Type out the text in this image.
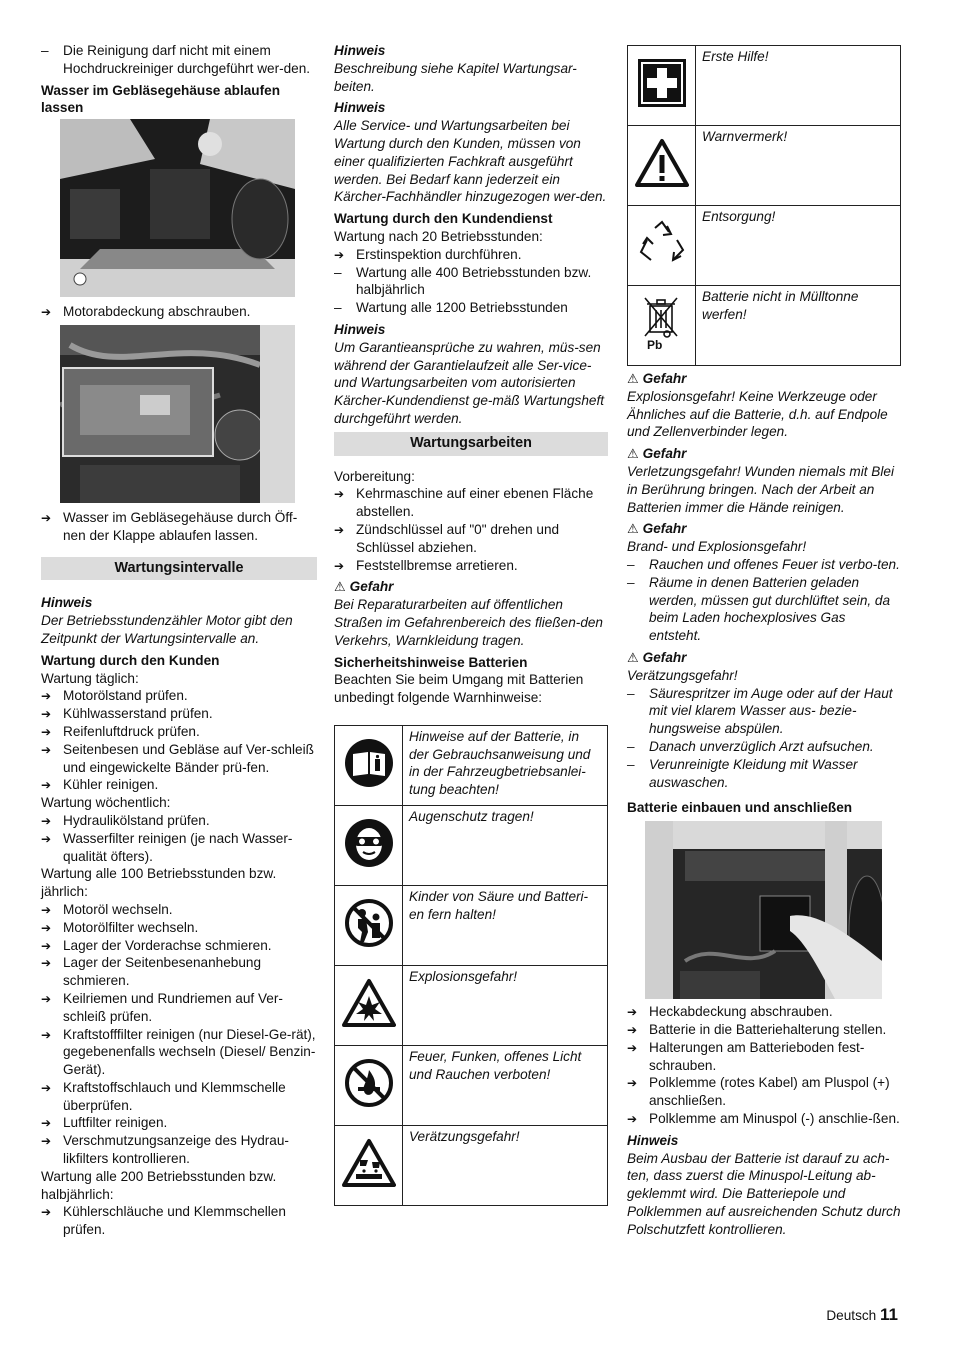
–
Die Reinigung darf nicht mit einem Hochdruckreiniger durchgeführt wer-den.

Wasser im Gebläsegehäuse ablaufen lassen

➔
Motorabdeckung abschrauben.
➔
Wasser im Gebläsegehäuse durch Öff-nen der Klappe ablaufen lassen.
Wartungsintervalle

Hinweis

Der Betriebsstundenzähler Motor gibt den Zeitpunkt der Wartungsintervalle an.

Wartung durch den Kunden

Wartung täglich:

➔
Motorölstand prüfen.
➔
Kühlwasserstand prüfen.
➔
Reifenluftdruck prüfen.
➔
Seitenbesen und Gebläse auf Ver-schleiß und eingewickelte Bänder prü-fen.
➔
Kühler reinigen.

Wartung wöchentlich:

➔
Hydraulikölstand prüfen.
➔
Wasserfilter reinigen (je nach Wasser-qualität öfters).

Wartung alle 100 Betriebsstunden bzw. jährlich:

➔
Motoröl wechseln.
➔
Motorölfilter wechseln.
➔
Lager der Vorderachse schmieren.
➔
Lager der Seitenbesenanhebung schmieren.
➔
Keilriemen und Rundriemen auf Ver-schleiß prüfen.
➔
Kraftstofffilter reinigen (nur Diesel-Ge-rät), gegebenenfalls wechseln (Diesel/ Benzin-Gerät).
➔
Kraftstoffschlauch und Klemmschelle überprüfen.
➔
Luftfilter reinigen.
➔
Verschmutzungsanzeige des Hydrau-likfilters kontrollieren.

Wartung alle 200 Betriebsstunden bzw. halbjährlich:

➔
Kühlerschläuche und Klemmschellen prüfen.

Hinweis

Beschreibung siehe Kapitel Wartungsar-beiten.

Hinweis

Alle Service- und Wartungsarbeiten bei Wartung durch den Kunden, müssen von einer qualifizierten Fachkraft ausgeführt werden. Bei Bedarf kann jederzeit ein Kärcher-Fachhändler hinzugezogen wer-den.

Wartung durch den Kundendienst

Wartung nach 20 Betriebsstunden:

➔
Erstinspektion durchführen.
–
Wartung alle 400 Betriebsstunden bzw. halbjährlich
–
Wartung alle 1200 Betriebsstunden

Hinweis

Um Garantieansprüche zu wahren, müs-sen während der Garantielaufzeit alle Ser-vice- und Wartungsarbeiten vom autorisierten Kärcher-Kundendienst ge-mäß Wartungsheft durchgeführt werden.

Wartungsarbeiten

Vorbereitung:

➔
Kehrmaschine auf einer ebenen Fläche abstellen.
➔
Zündschlüssel auf "0" drehen und Schlüssel abziehen.
➔
Feststellbremse arretieren.

⚠ Gefahr

Bei Reparaturarbeiten auf öffentlichen Straßen im Gefahrenbereich des fließen-den Verkehrs, Warnkleidung tragen.

Sicherheitshinweise Batterien

Beachten Sie beim Umgang mit Batterien unbedingt folgende Warnhinweise:

	Hinweise auf der Batterie, in der Gebrauchsanweisung und in der Fahrzeugbetriebsanlei-tung beachten!
	Augenschutz tragen!
	Kinder von Säure und Batteri-en fern halten!
	Explosionsgefahr!
	Feuer, Funken, offenes Licht und Rauchen verboten!
	Verätzungsgefahr!
	Erste Hilfe!
	Warnvermerk!
	Entsorgung!

Pb	Batterie nicht in Mülltonne werfen!

⚠ Gefahr

Explosionsgefahr! Keine Werkzeuge oder Ähnliches auf die Batterie, d.h. auf Endpole und Zellenverbinder legen.

⚠ Gefahr

Verletzungsgefahr! Wunden niemals mit Blei in Berührung bringen. Nach der Arbeit an Batterien immer die Hände reinigen.

⚠ Gefahr

Brand- und Explosionsgefahr!

–
Rauchen und offenes Feuer ist verbo-ten.
–
Räume in denen Batterien geladen werden, müssen gut durchlüftet sein, da beim Laden hochexplosives Gas entsteht.

⚠ Gefahr

Verätzungsgefahr!

–
Säurespritzer im Auge oder auf der Haut mit viel klarem Wasser aus- bezie-hungsweise abspülen.
–
Danach unverzüglich Arzt aufsuchen.
–
Verunreinigte Kleidung mit Wasser auswaschen.

Batterie einbauen und anschließen

➔
Heckabdeckung abschrauben.
➔
Batterie in die Batteriehalterung stellen.
➔
Halterungen am Batterieboden fest-schrauben.
➔
Polklemme (rotes Kabel) am Pluspol (+) anschließen.
➔
Polklemme am Minuspol (-) anschlie-ßen.

Hinweis

Beim Ausbau der Batterie ist darauf zu ach-ten, dass zuerst die Minuspol-Leitung ab-geklemmt wird. Die Batteriepole und Polklemmen auf ausreichenden Schutz durch Polschutzfett kontrollieren.

Deutsch 11
